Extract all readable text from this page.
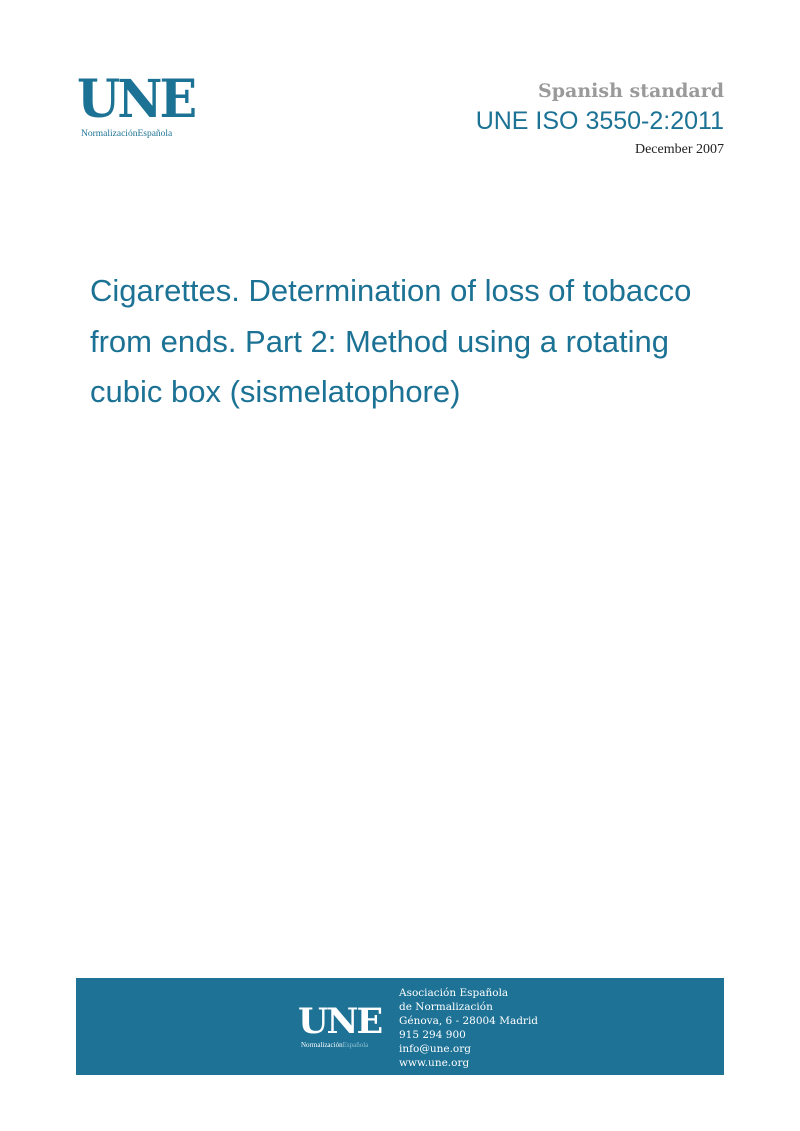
UNE
NormalizaciónEspañola
Spanish standard
UNE ISO 3550-2:2011
December 2007
Cigarettes. Determination of loss of tobacco
from ends. Part 2: Method using a rotating
cubic box (sismelatophore)
UNE
NormalizaciónEspañola
Asociación Española
de Normalización
Génova, 6 - 28004 Madrid
915 294 900
info@une.org
www.une.org
